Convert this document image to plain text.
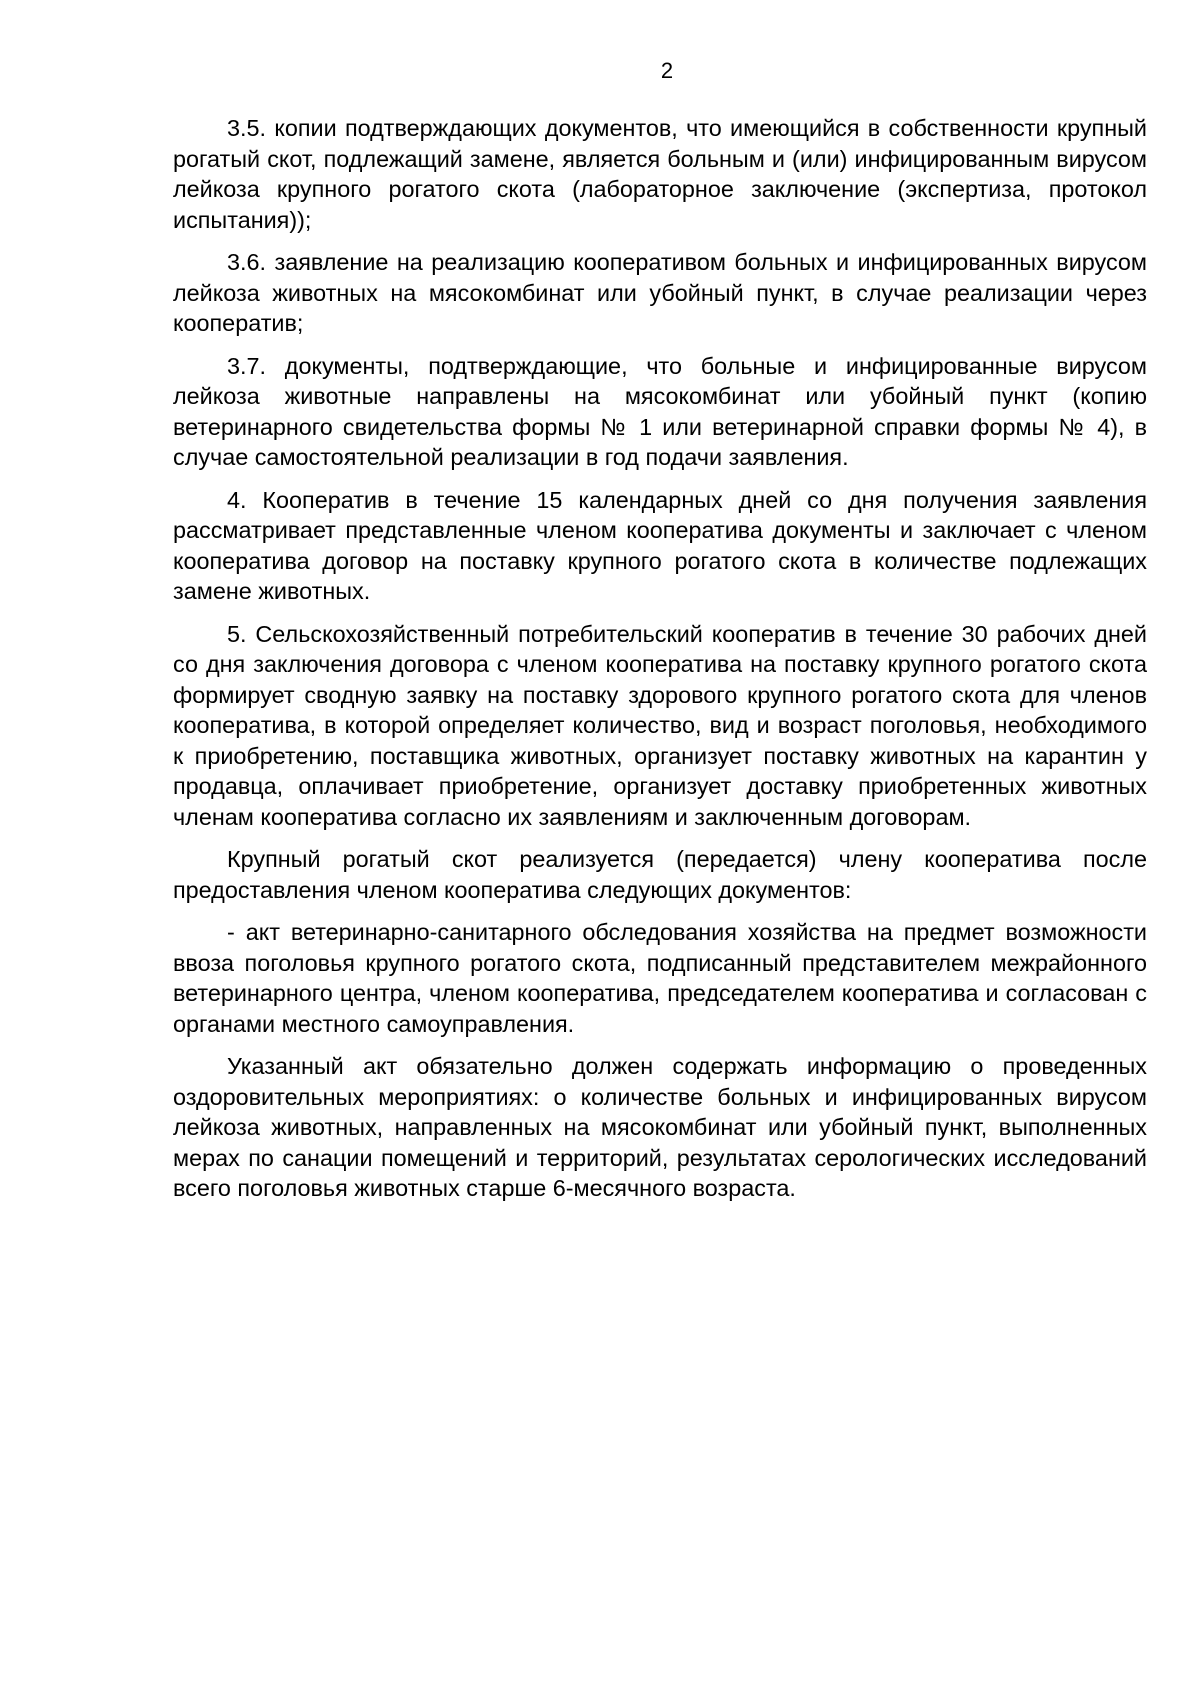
2

3.5. копии подтверждающих документов, что имеющийся в собственности крупный рогатый скот, подлежащий замене, является больным и (или) инфицированным вирусом лейкоза крупного рогатого скота (лабораторное заключение (экспертиза, протокол испытания));

3.6. заявление на реализацию кооперативом больных и инфицированных вирусом лейкоза животных на мясокомбинат или убойный пункт, в случае реализации через кооператив;

3.7. документы, подтверждающие, что больные и инфицированные вирусом лейкоза животные направлены на мясокомбинат или убойный пункт (копию ветеринарного свидетельства формы № 1 или ветеринарной справки формы № 4), в случае самостоятельной реализации в год подачи заявления.

4. Кооператив в течение 15 календарных дней со дня получения заявления рассматривает представленные членом кооператива документы и заключает с членом кооператива договор на поставку крупного рогатого скота в количестве подлежащих замене животных.

5. Сельскохозяйственный потребительский кооператив в течение 30 рабочих дней со дня заключения договора с членом кооператива на поставку крупного рогатого скота формирует сводную заявку на поставку здорового крупного рогатого скота для членов кооператива, в которой определяет количество, вид и возраст поголовья, необходимого к приобретению, поставщика животных, организует поставку животных на карантин у продавца, оплачивает приобретение, организует доставку приобретенных животных членам кооператива согласно их заявлениям и заключенным договорам.

Крупный рогатый скот реализуется (передается) члену кооператива после предоставления членом кооператива следующих документов:

- акт ветеринарно-санитарного обследования хозяйства на предмет возможности ввоза поголовья крупного рогатого скота, подписанный представителем межрайонного ветеринарного центра, членом кооператива, председателем кооператива и согласован с органами местного самоуправления.

Указанный акт обязательно должен содержать информацию о проведенных оздоровительных мероприятиях: о количестве больных и инфицированных вирусом лейкоза животных, направленных на мясокомбинат или убойный пункт, выполненных мерах по санации помещений и территорий, результатах серологических исследований всего поголовья животных старше 6-месячного возраста.
